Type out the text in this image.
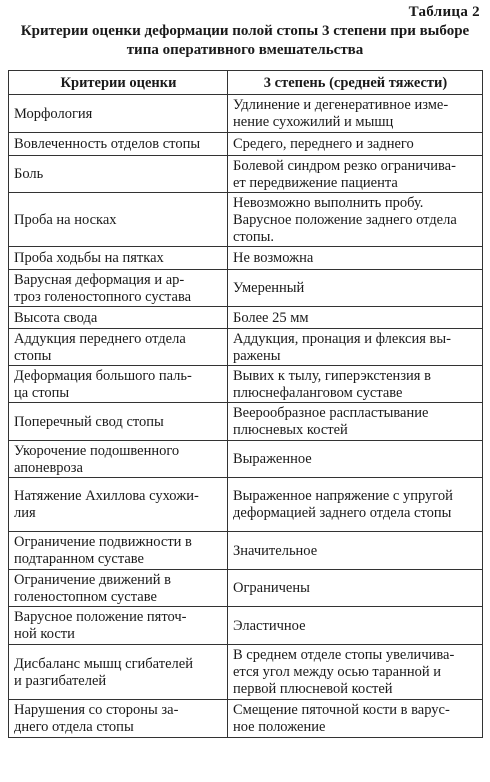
Таблица 2
Критерии оценки деформации полой стопы 3 степени при выборе типа оперативного вмешательства
Критерии оценки	3 степень (средней тяжести)
Морфология	Удлинение и дегенеративное изме-
нение сухожилий и мышц
Вовлеченность отделов стопы	Средего, переднего и заднего
Боль	Болевой синдром резко ограничива-
ет передвижение пациента
Проба на носках	Невозможно выполнить пробу.
Варусное положение заднего отдела
стопы.
Проба ходьбы на пятках	Не возможна
Варусная деформация и ар-
троз голеностопного сустава	Умеренный
Высота свода	Более 25 мм
Аддукция переднего отдела
стопы	Аддукция, пронация и флексия вы-
ражены
Деформация большого паль-
ца стопы	Вывих к тылу, гиперэкстензия в
плюснефаланговом суставе
Поперечный свод стопы	Веерообразное распластывание
плюсневых костей
Укорочение подошвенного
апоневроза	Выраженное
Натяжение Ахиллова сухожи-
лия	Выраженное напряжение с упругой
деформацией заднего отдела стопы
Ограничение подвижности в
подтаранном суставе	Значительное
Ограничение движений в
голеностопном суставе	Ограничены
Варусное положение пяточ-
ной кости	Эластичное
Дисбаланс мышц сгибателей
и разгибателей	В среднем отделе стопы увеличива-
ется угол между осью таранной и
первой плюсневой костей
Нарушения со стороны за-
днего отдела стопы	Смещение пяточной кости в варус-
ное положение
